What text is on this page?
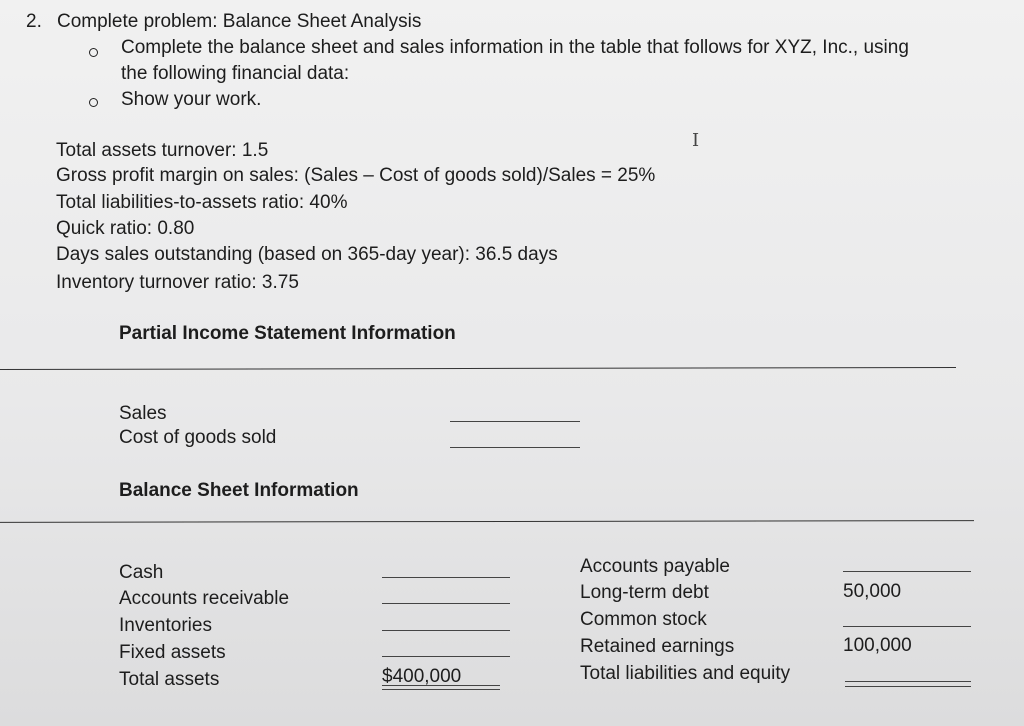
2. Complete problem: Balance Sheet Analysis
Complete the balance sheet and sales information in the table that follows for XYZ, Inc., using
the following financial data:
Show your work.
I
Total assets turnover: 1.5
Gross profit margin on sales: (Sales – Cost of goods sold)/Sales = 25%
Total liabilities-to-assets ratio: 40%
Quick ratio: 0.80
Days sales outstanding (based on 365-day year): 36.5 days
Inventory turnover ratio: 3.75
Partial Income Statement Information
Sales
Cost of goods sold
Balance Sheet Information
Cash
Accounts receivable
Inventories
Fixed assets
Total assets	$400,000
Accounts payable
Long-term debt	50,000
Common stock
Retained earnings	100,000
Total liabilities and equity
